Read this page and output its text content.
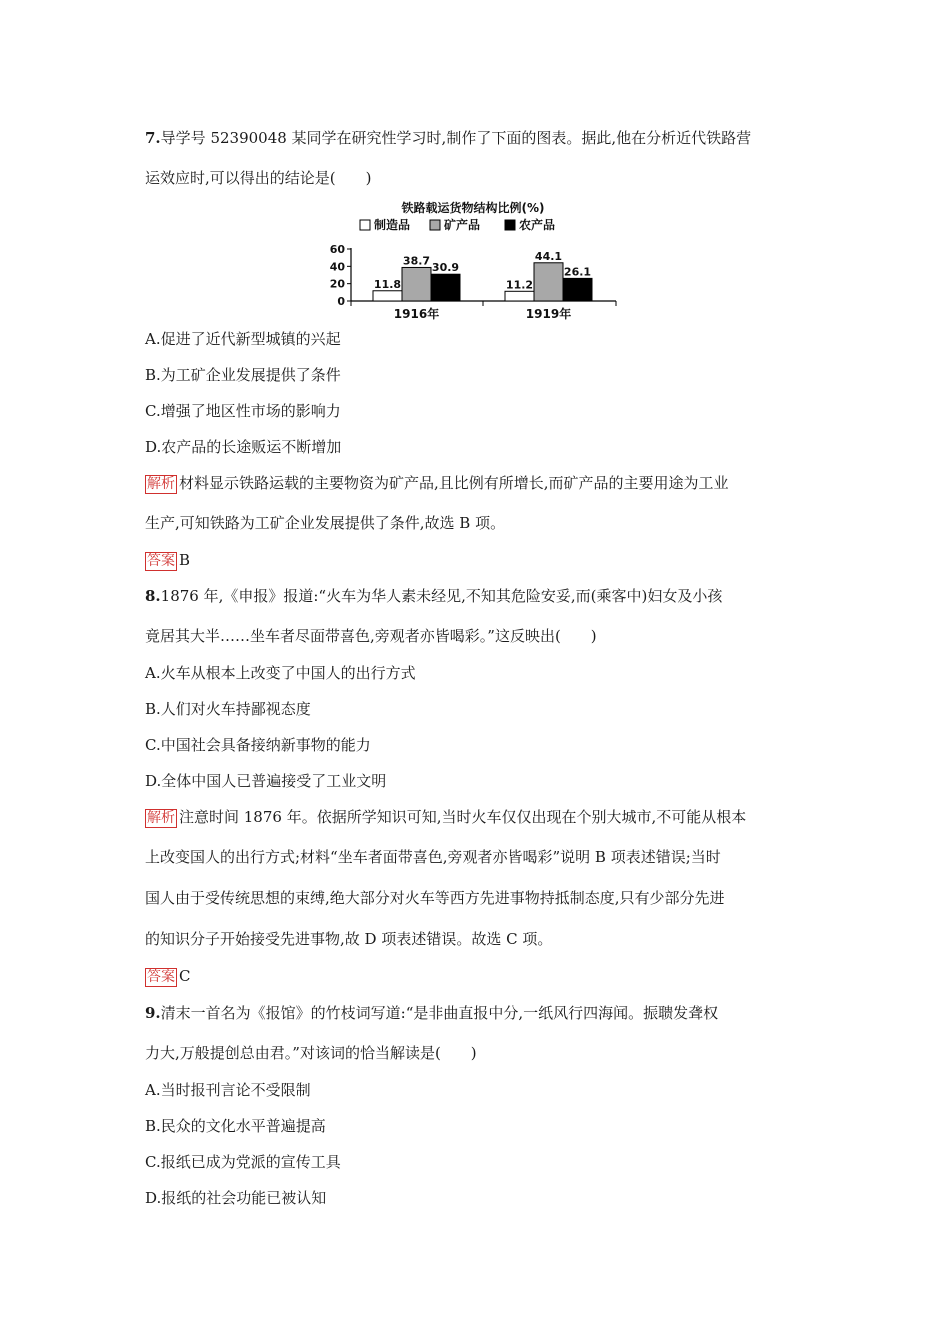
7.导学号 52390048 某同学在研究性学习时,制作了下面的图表。据此,他在分析近代铁路营
运效应时,可以得出的结论是(　　)
铁路载运货物结构比例(%)
制造品	矿产品	农产品
0
20
40
60
11.8
38.7
30.9
1916年
11.2
44.1
26.1
1919年
A.促进了近代新型城镇的兴起
B.为工矿企业发展提供了条件
C.增强了地区性市场的影响力
D.农产品的长途贩运不断增加
解析 材料显示铁路运载的主要物资为矿产品,且比例有所增长,而矿产品的主要用途为工业
生产,可知铁路为工矿企业发展提供了条件,故选 B 项。
答案 B
8.1876 年,《申报》报道:“火车为华人素未经见,不知其危险安妥,而(乘客中)妇女及小孩
竟居其大半……坐车者尽面带喜色,旁观者亦皆喝彩。”这反映出(　　)
A.火车从根本上改变了中国人的出行方式
B.人们对火车持鄙视态度
C.中国社会具备接纳新事物的能力
D.全体中国人已普遍接受了工业文明
解析 注意时间 1876 年。依据所学知识可知,当时火车仅仅出现在个别大城市,不可能从根本
上改变国人的出行方式;材料“坐车者面带喜色,旁观者亦皆喝彩”说明 B 项表述错误;当时
国人由于受传统思想的束缚,绝大部分对火车等西方先进事物持抵制态度,只有少部分先进
的知识分子开始接受先进事物,故 D 项表述错误。故选 C 项。
答案 C
9.清末一首名为《报馆》的竹枝词写道:“是非曲直报中分,一纸风行四海闻。振聩发聋权
力大,万般提创总由君。”对该词的恰当解读是(　　)
A.当时报刊言论不受限制
B.民众的文化水平普遍提高
C.报纸已成为党派的宣传工具
D.报纸的社会功能已被认知
